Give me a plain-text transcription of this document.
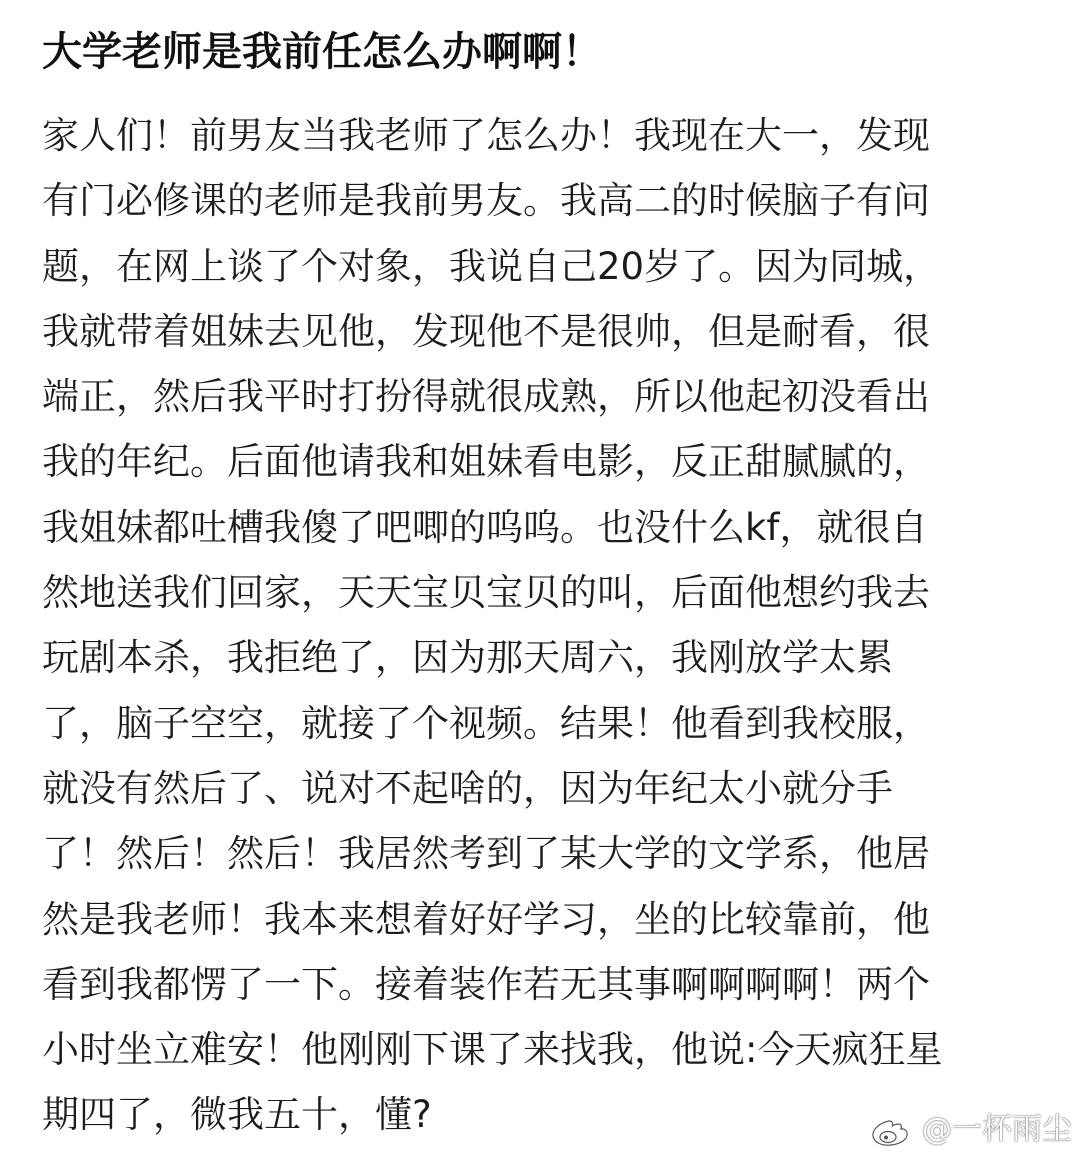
大学老师是我前任怎么办啊啊！
家人们！前男友当我老师了怎么办！我现在大一，发现
有门必修课的老师是我前男友。我高二的时候脑子有问
题，在网上谈了个对象，我说自己20岁了。因为同城，
我就带着姐妹去见他，发现他不是很帅，但是耐看，很
端正，然后我平时打扮得就很成熟，所以他起初没看出
我的年纪。后面他请我和姐妹看电影，反正甜腻腻的，
我姐妹都吐槽我傻了吧唧的呜呜。也没什么kf，就很自
然地送我们回家，天天宝贝宝贝的叫，后面他想约我去
玩剧本杀，我拒绝了，因为那天周六，我刚放学太累
了，脑子空空，就接了个视频。结果！他看到我校服，
就没有然后了、说对不起啥的，因为年纪太小就分手
了！然后！然后！我居然考到了某大学的文学系，他居
然是我老师！我本来想着好好学习，坐的比较靠前，他
看到我都愣了一下。接着装作若无其事啊啊啊啊！两个
小时坐立难安！他刚刚下课了来找我，他说:今天疯狂星
期四了，微我五十，懂?	@一杯雨尘
